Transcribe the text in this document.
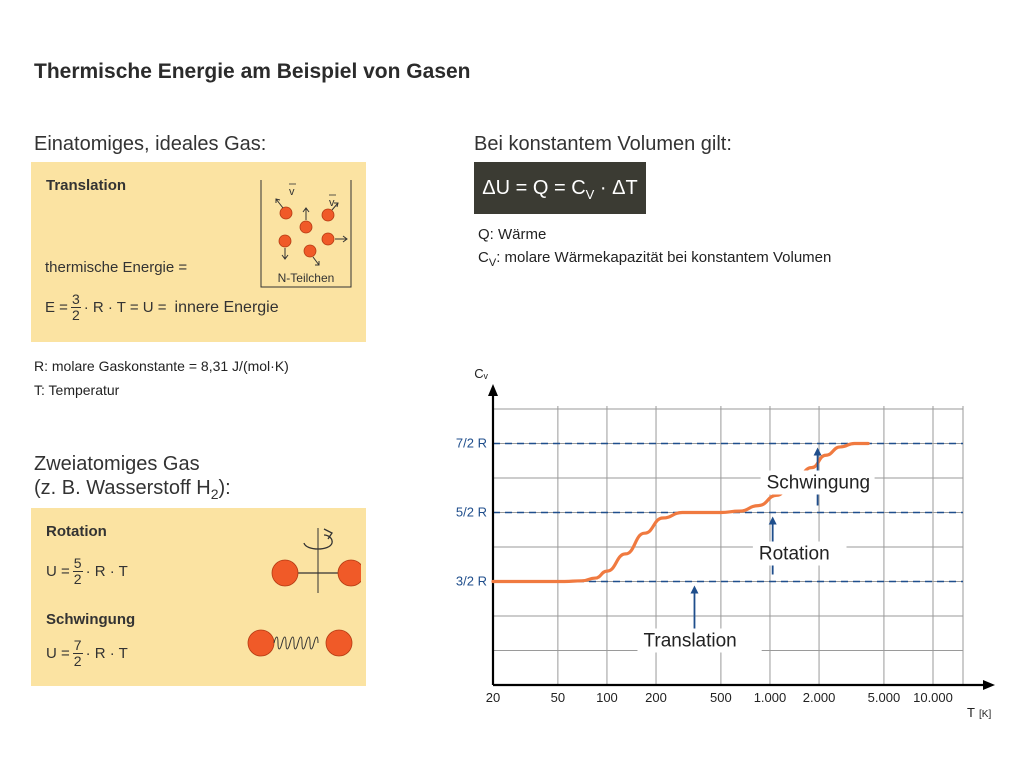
Thermische Energie am Beispiel von Gasen
Einatomiges, ideales Gas:
Translation
thermische Energie =
$E = \frac{3}{2} \cdot R \cdot T = U$ = innere Energie
v
v
N-Teilchen
R: molare Gaskonstante = 8,31 J/(mol·K)
T: Temperatur
Zweiatomiges Gas
(z. B. Wasserstoff $H_2$):
Rotation
$U = \frac{5}{2} \cdot R \cdot T$
Schwingung
$U = \frac{7}{2} \cdot R \cdot T$
Bei konstantem Volumen gilt:
$\Delta U = Q = C_V \cdot \Delta T$
Q: Wärme
$C_V$: molare Wärmekapazität bei konstantem Volumen
20	50 100 200	500 1.000 2.000 5.000 10.000
3/2 R
5/2 R
7/2 R
Cᵥ
T [K]
Schwingung
Rotation
Translation
